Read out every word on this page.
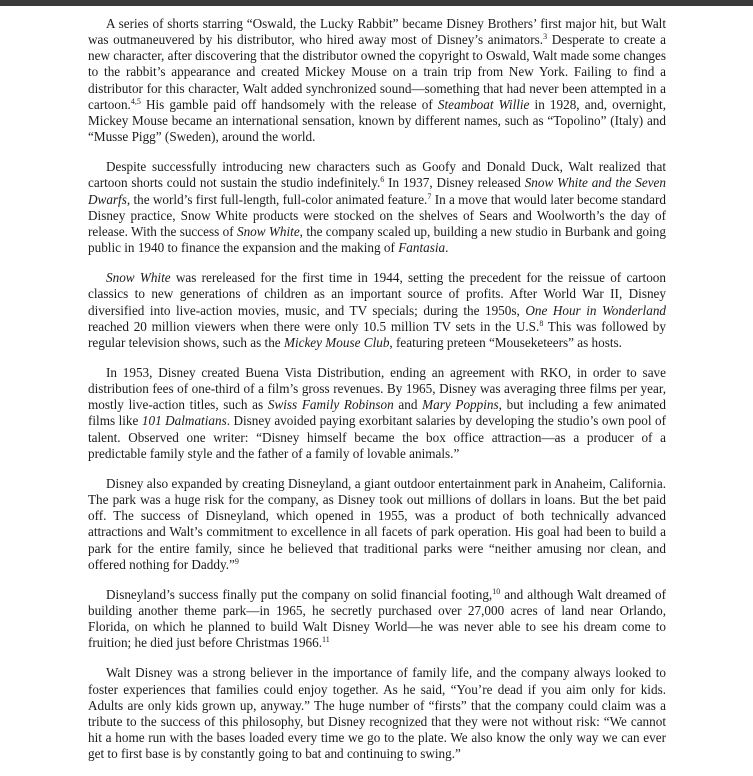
A series of shorts starring “Oswald, the Lucky Rabbit” became Disney Brothers’ first major hit, but Walt was outmaneuvered by his distributor, who hired away most of Disney’s animators.$^3$ Desperate to create a new character, after discovering that the distributor owned the copyright to Oswald, Walt made some changes to the rabbit’s appearance and created Mickey Mouse on a train trip from New York. Failing to find a distributor for this character, Walt added synchronized sound—something that had never been attempted in a cartoon.$^{4,5}$ His gamble paid off handsomely with the release of Steamboat Willie in 1928, and, overnight, Mickey Mouse became an international sensation, known by different names, such as “Topolino” (Italy) and “Musse Pigg” (Sweden), around the world.

Despite successfully introducing new characters such as Goofy and Donald Duck, Walt realized that cartoon shorts could not sustain the studio indefinitely.$^6$ In 1937, Disney released Snow White and the Seven Dwarfs, the world’s first full-length, full-color animated feature.$^7$ In a move that would later become standard Disney practice, Snow White products were stocked on the shelves of Sears and Woolworth’s the day of release. With the success of Snow White, the company scaled up, building a new studio in Burbank and going public in 1940 to finance the expansion and the making of Fantasia.

Snow White was rereleased for the first time in 1944, setting the precedent for the reissue of cartoon classics to new generations of children as an important source of profits. After World War II, Disney diversified into live-action movies, music, and TV specials; during the 1950s, One Hour in Wonderland reached 20 million viewers when there were only 10.5 million TV sets in the U.S.$^8$ This was followed by regular television shows, such as the Mickey Mouse Club, featuring preteen “Mouseketeers” as hosts.

In 1953, Disney created Buena Vista Distribution, ending an agreement with RKO, in order to save distribution fees of one-third of a film’s gross revenues. By 1965, Disney was averaging three films per year, mostly live-action titles, such as Swiss Family Robinson and Mary Poppins, but including a few animated films like 101 Dalmatians. Disney avoided paying exorbitant salaries by developing the studio’s own pool of talent. Observed one writer: “Disney himself became the box office attraction—as a producer of a predictable family style and the father of a family of lovable animals.”

Disney also expanded by creating Disneyland, a giant outdoor entertainment park in Anaheim, California. The park was a huge risk for the company, as Disney took out millions of dollars in loans. But the bet paid off. The success of Disneyland, which opened in 1955, was a product of both technically advanced attractions and Walt’s commitment to excellence in all facets of park operation. His goal had been to build a park for the entire family, since he believed that traditional parks were “neither amusing nor clean, and offered nothing for Daddy.”$^9$

Disneyland’s success finally put the company on solid financial footing,$^{10}$ and although Walt dreamed of building another theme park—in 1965, he secretly purchased over 27,000 acres of land near Orlando, Florida, on which he planned to build Walt Disney World—he was never able to see his dream come to fruition; he died just before Christmas 1966.11

Walt Disney was a strong believer in the importance of family life, and the company always looked to foster experiences that families could enjoy together. As he said, “You’re dead if you aim only for kids. Adults are only kids grown up, anyway.” The huge number of “firsts” that the company could claim was a tribute to the success of this philosophy, but Disney recognized that they were not without risk: “We cannot hit a home run with the bases loaded every time we go to the plate. We also know the only way we can ever get to first base is by constantly going to bat and continuing to swing.”
